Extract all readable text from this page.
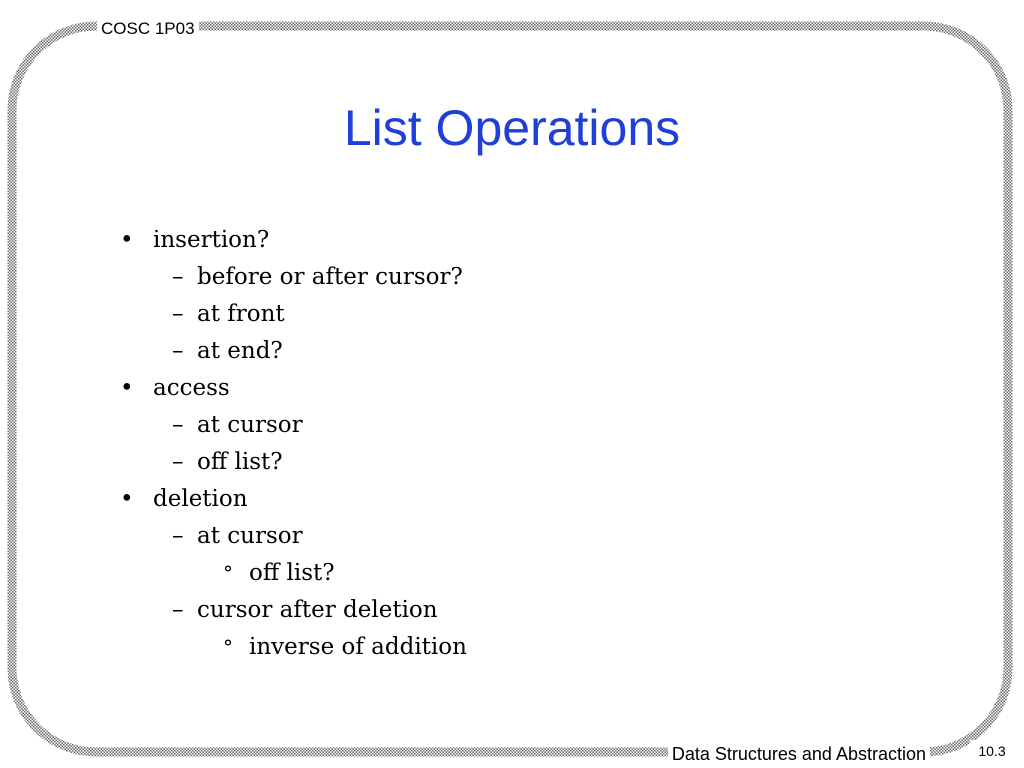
COSC 1P03
List Operations
• insertion?
– before or after cursor?
– at front
– at end?
• access
– at cursor
– off list?
• deletion
– at cursor
° off list?
– cursor after deletion
° inverse of addition
Data Structures and Abstraction	10.3
